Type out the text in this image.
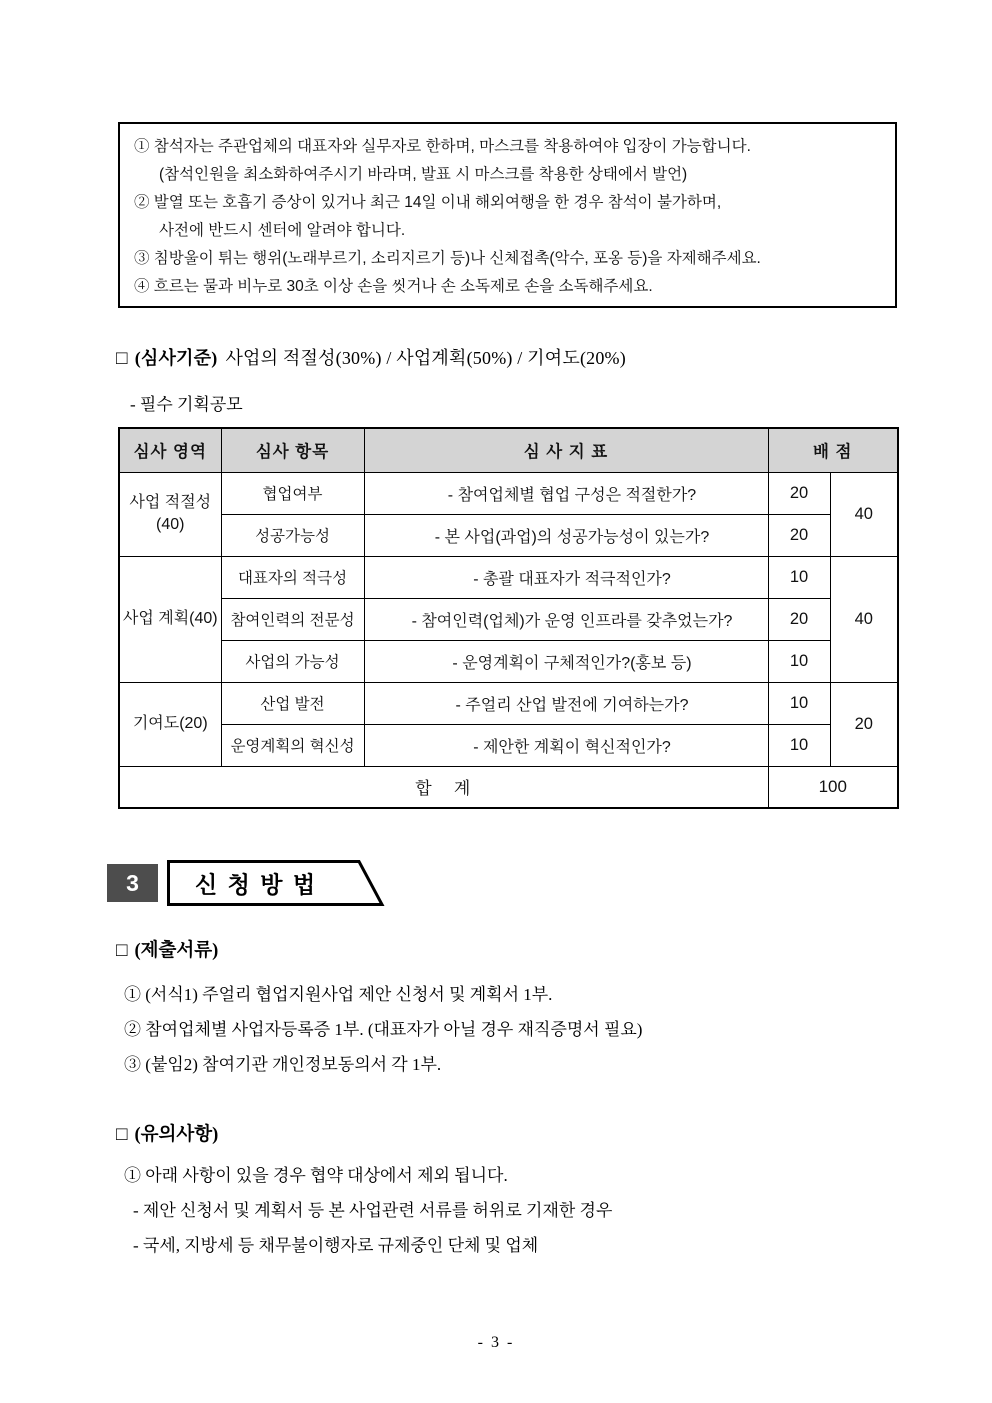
① 참석자는 주관업체의 대표자와 실무자로 한하며, 마스크를 착용하여야 입장이 가능합니다.
(참석인원을 최소화하여주시기 바라며, 발표 시 마스크를 착용한 상태에서 발언)
② 발열 또는 호흡기 증상이 있거나 최근 14일 이내 해외여행을 한 경우 참석이 불가하며,
사전에 반드시 센터에 알려야 합니다.
③ 침방울이 튀는 행위(노래부르기, 소리지르기 등)나 신체접촉(악수, 포옹 등)을 자제해주세요.
④ 흐르는 물과 비누로 30초 이상 손을 씻거나 손 소독제로 손을 소독해주세요.
□ (심사기준) 사업의 적절성(30%) / 사업계획(50%) / 기여도(20%)
- 필수 기획공모
심사 영역	심사 항목	심 사 지 표	배 점	
사업 적절성(40)	협업여부	- 참여업체별 협업 구성은 적절한가?	20	40
	성공가능성	- 본 사업(과업)의 성공가능성이 있는가?	20	
사업 계획(40)	대표자의 적극성	- 총괄 대표자가 적극적인가?	10	40
	참여인력의 전문성	- 참여인력(업체)가 운영 인프라를 갖추었는가?	20	
	사업의 가능성	- 운영계획이 구체적인가?(홍보 등)	10	
기여도(20)	산업 발전	- 주얼리 산업 발전에 기여하는가?	10	20
	운영계획의 혁신성	- 제안한 계획이 혁신적인가?	10	
합   계			100	
3	신 청 방 법
□ (제출서류)
① (서식1) 주얼리 협업지원사업 제안 신청서 및 계획서 1부.
② 참여업체별 사업자등록증 1부. (대표자가 아닐 경우 재직증명서 필요)
③ (붙임2) 참여기관 개인정보동의서 각 1부.
□ (유의사항)
① 아래 사항이 있을 경우 협약 대상에서 제외 됩니다.
- 제안 신청서 및 계획서 등 본 사업관련 서류를 허위로 기재한 경우
- 국세, 지방세 등 채무불이행자로 규제중인 단체 및 업체
- 3 -
